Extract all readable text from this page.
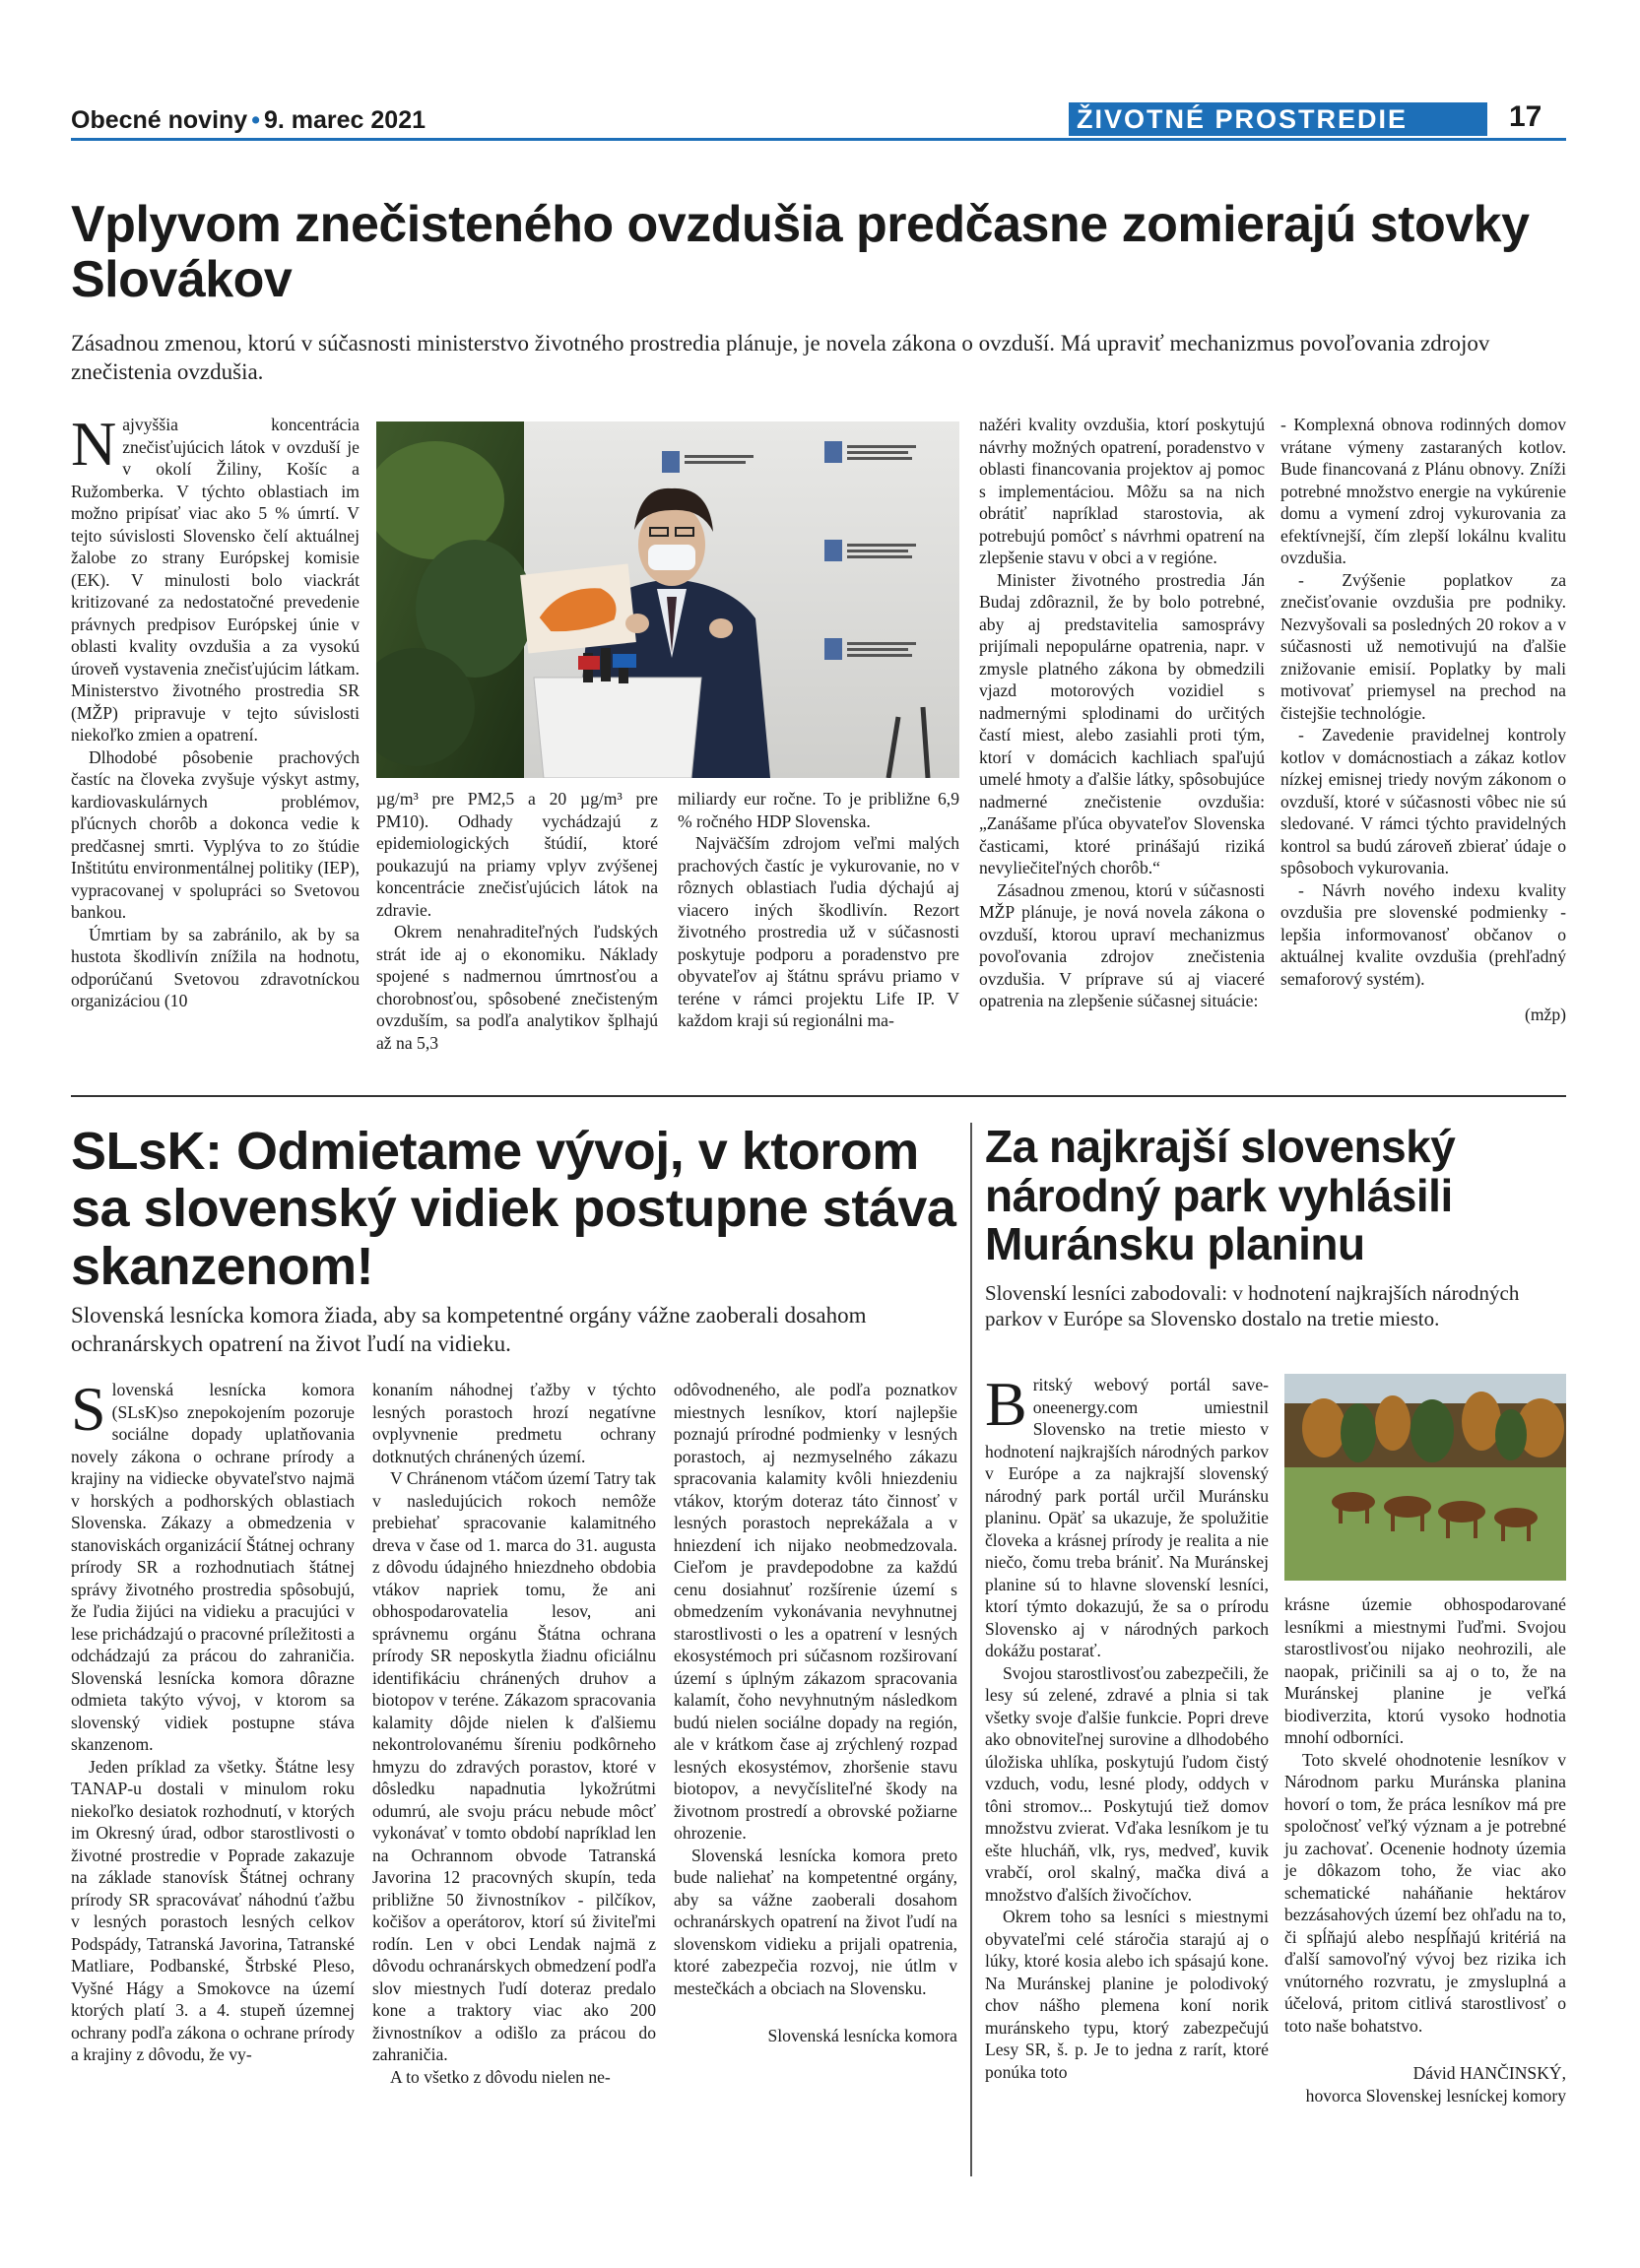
Obecné noviny • 9. marec 2021	ŽIVOTNÉ PROSTREDIE	17
Vplyvom znečisteného ovzdušia predčasne zomierajú stovky Slovákov
Zásadnou zmenou, ktorú v súčasnosti ministerstvo životného prostredia plánuje, je novela zákona o ovzduší. Má upraviť mechanizmus povoľovania zdrojov znečistenia ovzdušia.

Najvyššia koncentrácia znečisťujúcich látok v ovzduší je v okolí Žiliny, Košíc a Ružomberka. V týchto oblastiach im možno pripísať viac ako 5 % úmrtí. V tejto súvislosti Slovensko čelí aktuálnej žalobe zo strany Európskej komisie (EK). V minulosti bolo viackrát kritizované za nedostatočné prevedenie právnych predpisov Európskej únie v oblasti kvality ovzdušia a za vysokú úroveň vystavenia znečisťujúcim látkam. Ministerstvo životného prostredia SR (MŽP) pripravuje v tejto súvislosti niekoľko zmien a opatrení.

Dlhodobé pôsobenie prachových častíc na človeka zvyšuje výskyt astmy, kardiovaskulárnych problémov, pľúcnych chorôb a dokonca vedie k predčasnej smrti. Vyplýva to zo štúdie Inštitútu environmentálnej politiky (IEP), vypracovanej v spolupráci so Svetovou bankou.

Úmrtiam by sa zabránilo, ak by sa hustota škodlivín znížila na hodnotu, odporúčanú Svetovou zdravotníckou organizáciou (10

µg/m³ pre PM2,5 a 20 µg/m³ pre PM10). Odhady vychádzajú z epidemiologických štúdií, ktoré poukazujú na priamy vplyv zvýšenej koncentrácie znečisťujúcich látok na zdravie.

Okrem nenahraditeľných ľudských strát ide aj o ekonomiku. Náklady spojené s nadmernou úmrtnosťou a chorobnosťou, spôsobené znečisteným ovzduším, sa podľa analytikov šplhajú až na 5,3

miliardy eur ročne. To je približne 6,9 % ročného HDP Slovenska.

Najväčším zdrojom veľmi malých prachových častíc je vykurovanie, no v rôznych oblastiach ľudia dýchajú aj viacero iných škodlivín. Rezort životného prostredia už v súčasnosti poskytuje podporu a poradenstvo pre obyvateľov aj štátnu správu priamo v teréne v rámci projektu Life IP. V každom kraji sú regionálni ma-

nažéri kvality ovzdušia, ktorí poskytujú návrhy možných opatrení, poradenstvo v oblasti financovania projektov aj pomoc s implementáciou. Môžu sa na nich obrátiť napríklad starostovia, ak potrebujú pomôcť s návrhmi opatrení na zlepšenie stavu v obci a v regióne.

Minister životného prostredia Ján Budaj zdôraznil, že by bolo potrebné, aby aj predstavitelia samosprávy prijímali nepopulárne opatrenia, napr. v zmysle platného zákona by obmedzili vjazd motorových vozidiel s nadmernými splodinami do určitých častí miest, alebo zasiahli proti tým, ktorí v domácich kachliach spaľujú umelé hmoty a ďalšie látky, spôsobujúce nadmerné znečistenie ovzdušia: „Zanášame pľúca obyvateľov Slovenska časticami, ktoré prinášajú riziká nevyliečiteľných chorôb.“

Zásadnou zmenou, ktorú v súčasnosti MŽP plánuje, je nová novela zákona o ovzduší, ktorou upraví mechanizmus povoľovania zdrojov znečistenia ovzdušia. V príprave sú aj viaceré opatrenia na zlepšenie súčasnej situácie:

- Komplexná obnova rodinných domov vrátane výmeny zastaraných kotlov. Bude financovaná z Plánu obnovy. Zníži potrebné množstvo energie na vykúrenie domu a vymení zdroj vykurovania za efektívnejší, čím zlepší lokálnu kvalitu ovzdušia.

- Zvýšenie poplatkov za znečisťovanie ovzdušia pre podniky. Nezvyšovali sa posledných 20 rokov a v súčasnosti už nemotivujú na ďalšie znižovanie emisií. Poplatky by mali motivovať priemysel na prechod na čistejšie technológie.

- Zavedenie pravidelnej kontroly kotlov v domácnostiach a zákaz kotlov nízkej emisnej triedy novým zákonom o ovzduší, ktoré v súčasnosti vôbec nie sú sledované. V rámci týchto pravidelných kontrol sa budú zároveň zbierať údaje o spôsoboch vykurovania.

- Návrh nového indexu kvality ovzdušia pre slovenské podmienky - lepšia informovanosť občanov o aktuálnej kvalite ovzdušia (prehľadný semaforový systém).

(mžp)

SLsK: Odmietame vývoj, v ktorom sa slovenský vidiek postupne stáva skanzenom!
Slovenská lesnícka komora žiada, aby sa kompetentné orgány vážne zaoberali dosahom ochranárskych opatrení na život ľudí na vidieku.

Slovenská lesnícka komora (SLsK)so znepokojením pozoruje sociálne dopady uplatňovania novely zákona o ochrane prírody a krajiny na vidiecke obyvateľstvo najmä v horských a podhorských oblastiach Slovenska. Zákazy a obmedzenia v stanoviskách organizácií Štátnej ochrany prírody SR a rozhodnutiach štátnej správy životného prostredia spôsobujú, že ľudia žijúci na vidieku a pracujúci v lese prichádzajú o pracovné príležitosti a odchádzajú za prácou do zahraničia. Slovenská lesnícka komora dôrazne odmieta takýto vývoj, v ktorom sa slovenský vidiek postupne stáva skanzenom.

Jeden príklad za všetky. Štátne lesy TANAP-u dostali v minulom roku niekoľko desiatok rozhodnutí, v ktorých im Okresný úrad, odbor starostlivosti o životné prostredie v Poprade zakazuje na základe stanovísk Štátnej ochrany prírody SR spracovávať náhodnú ťažbu v lesných porastoch lesných celkov Podspády, Tatranská Javorina, Tatranské Matliare, Podbanské, Štrbské Pleso, Vyšné Hágy a Smokovce na území ktorých platí 3. a 4. stupeň územnej ochrany podľa zákona o ochrane prírody a krajiny z dôvodu, že vy-

konaním náhodnej ťažby v týchto lesných porastoch hrozí negatívne ovplyvnenie predmetu ochrany dotknutých chránených území.

V Chránenom vtáčom území Tatry tak v nasledujúcich rokoch nemôže prebiehať spracovanie kalamitného dreva v čase od 1. marca do 31. augusta z dôvodu údajného hniezdneho obdobia vtákov napriek tomu, že ani obhospodarovatelia lesov, ani správnemu orgánu Štátna ochrana prírody SR neposkytla žiadnu oficiálnu identifikáciu chránených druhov a biotopov v teréne. Zákazom spracovania kalamity dôjde nielen k ďalšiemu nekontrolovanému šíreniu podkôrneho hmyzu do zdravých porastov, ktoré v dôsledku napadnutia lykožrútmi odumrú, ale svoju prácu nebude môcť vykonávať v tomto období napríklad len na Ochrannom obvode Tatranská Javorina 12 pracovných skupín, teda približne 50 živnostníkov - pilčíkov, kočišov a operátorov, ktorí sú živiteľmi rodín. Len v obci Lendak najmä z dôvodu ochranárskych obmedzení podľa slov miestnych ľudí doteraz predalo kone a traktory viac ako 200 živnostníkov a odišlo za prácou do zahraničia.

A to všetko z dôvodu nielen ne-

odôvodneného, ale podľa poznatkov miestnych lesníkov, ktorí najlepšie poznajú prírodné podmienky v lesných porastoch, aj nezmyselného zákazu spracovania kalamity kvôli hniezdeniu vtákov, ktorým doteraz táto činnosť v lesných porastoch neprekážala a v hniezdení ich nijako neobmedzovala. Cieľom je pravdepodobne za každú cenu dosiahnuť rozšírenie území s obmedzením vykonávania nevyhnutnej starostlivosti o les a opatrení v lesných ekosystémoch pri súčasnom rozširovaní území s úplným zákazom spracovania kalamít, čoho nevyhnutným následkom budú nielen sociálne dopady na región, ale v krátkom čase aj zrýchlený rozpad lesných ekosystémov, zhoršenie stavu biotopov, a nevyčísliteľné škody na životnom prostredí a obrovské požiarne ohrozenie.

Slovenská lesnícka komora preto bude naliehať na kompetentné orgány, aby sa vážne zaoberali dosahom ochranárskych opatrení na život ľudí na slovenskom vidieku a prijali opatrenia, ktoré zabezpečia rozvoj, nie útlm v mestečkách a obciach na Slovensku.

Slovenská lesnícka komora

Za najkrajší slovenský národný park vyhlásili Muránsku planinu
Slovenskí lesníci zabodovali: v hodnotení najkrajších národných parkov v Európe sa Slovensko dostalo na tretie miesto.

Britský webový portál save-oneenergy.com umiestnil Slovensko na tretie miesto v hodnotení najkrajších národných parkov v Európe a za najkrajší slovenský národný park portál určil Muránsku planinu. Opäť sa ukazuje, že spolužitie človeka a krásnej prírody je realita a nie niečo, čomu treba brániť. Na Muránskej planine sú to hlavne slovenskí lesníci, ktorí týmto dokazujú, že sa o prírodu Slovensko aj v národných parkoch dokážu postarať.

Svojou starostlivosťou zabezpečili, že lesy sú zelené, zdravé a plnia si tak všetky svoje ďalšie funkcie. Popri dreve ako obnoviteľnej surovine a dlhodobého úložiska uhlíka, poskytujú ľudom čistý vzduch, vodu, lesné plody, oddych v tôni stromov... Poskytujú tiež domov množstvu zvierat. Vďaka lesníkom je tu ešte hlucháň, vlk, rys, medveď, kuvik vrabčí, orol skalný, mačka divá a množstvo ďalších živočíchov.

Okrem toho sa lesníci s miestnymi obyvateľmi celé stáročia starajú aj o lúky, ktoré kosia alebo ich spásajú kone. Na Muránskej planine je polodivoký chov nášho plemena koní norik muránskeho typu, ktorý zabezpečujú Lesy SR, š. p. Je to jedna z rarít, ktoré ponúka toto

krásne územie obhospodarované lesníkmi a miestnymi ľuďmi. Svojou starostlivosťou nijako neohrozili, ale naopak, pričinili sa aj o to, že na Muránskej planine je veľká biodiverzita, ktorú vysoko hodnotia mnohí odborníci.

Toto skvelé ohodnotenie lesníkov v Národnom parku Muránska planina hovorí o tom, že práca lesníkov má pre spoločnosť veľký význam a je potrebné ju zachovať. Ocenenie hodnoty územia je dôkazom toho, že viac ako schematické naháňanie hektárov bezzásahových území bez ohľadu na to, či spĺňajú alebo nespĺňajú kritériá na ďalší samovoľný vývoj bez rizika ich vnútorného rozvratu, je zmysluplná a účelová, pritom citlivá starostlivosť o toto naše bohatstvo.

Dávid HANČINSKÝ,

hovorca Slovenskej lesníckej komory
